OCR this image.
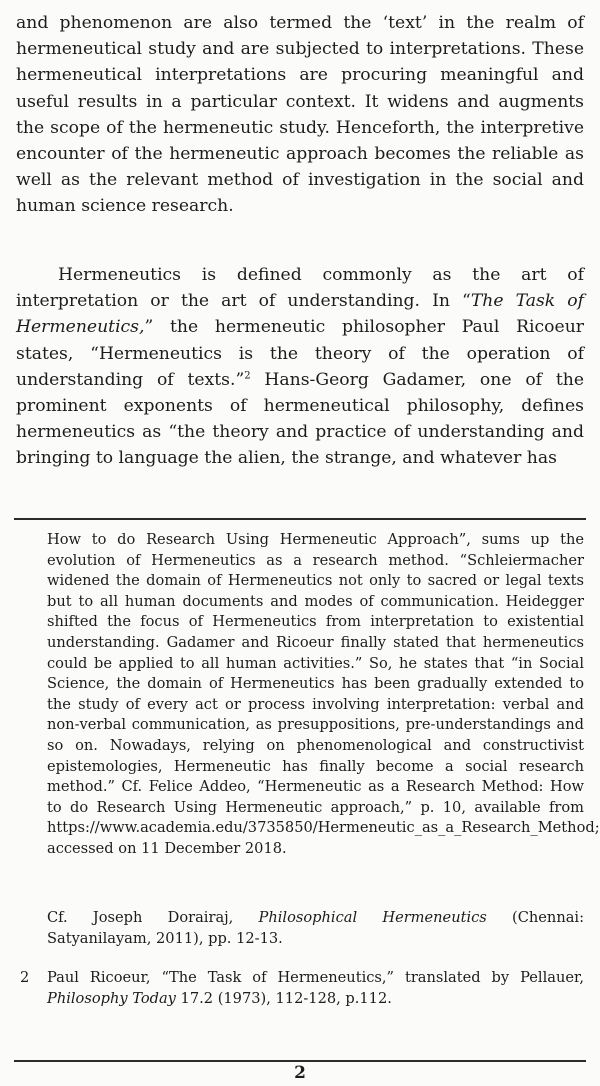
and phenomenon are also termed the ‘text’ in the realm of hermeneutical study and are subjected to interpretations. These hermeneutical interpretations are procuring meaningful and useful results in a particular context. It widens and augments the scope of the hermeneutic study. Henceforth, the interpretive encounter of the hermeneutic approach becomes the reliable as well as the relevant method of investigation in the social and human science research.

Hermeneutics is defined commonly as the art of interpretation or the art of understanding. In “The Task of Hermeneutics,” the hermeneutic philosopher Paul Ricoeur states, “Hermeneutics is the theory of the operation of understanding of texts.”$^2$ Hans-Georg Gadamer, one of the prominent exponents of hermeneutical philosophy, defines hermeneutics as “the theory and practice of understanding and bringing to language the alien, the strange, and whatever has

How to do Research Using Hermeneutic Approach”, sums up the evolution of Hermeneutics as a research method. “Schleiermacher widened the domain of Hermeneutics not only to sacred or legal texts but to all human documents and modes of communication. Heidegger shifted the focus of Hermeneutics from interpretation to existential understanding. Gadamer and Ricoeur finally stated that hermeneutics could be applied to all human activities.” So, he states that “in Social Science, the domain of Hermeneutics has been gradually extended to the study of every act or process involving interpretation: verbal and non-verbal communication, as presuppositions, pre-understandings and so on. Nowadays, relying on phenomenological and constructivist epistemologies, Hermeneutic has finally become a social research method.” Cf. Felice Addeo, “Hermeneutic as a Research Method: How to do Research Using Hermeneutic approach,” p. 10, available from https://www.academia.edu/3735850/Hermeneutic_as_a_Research_Method; accessed on 11 December 2018.

Cf. Joseph Dorairaj, Philosophical Hermeneutics (Chennai: Satyanilayam, 2011), pp. 12-13.

2 Paul Ricoeur, “The Task of Hermeneutics,” translated by Pellauer, Philosophy Today 17.2 (1973), 112-128, p.112.

2
